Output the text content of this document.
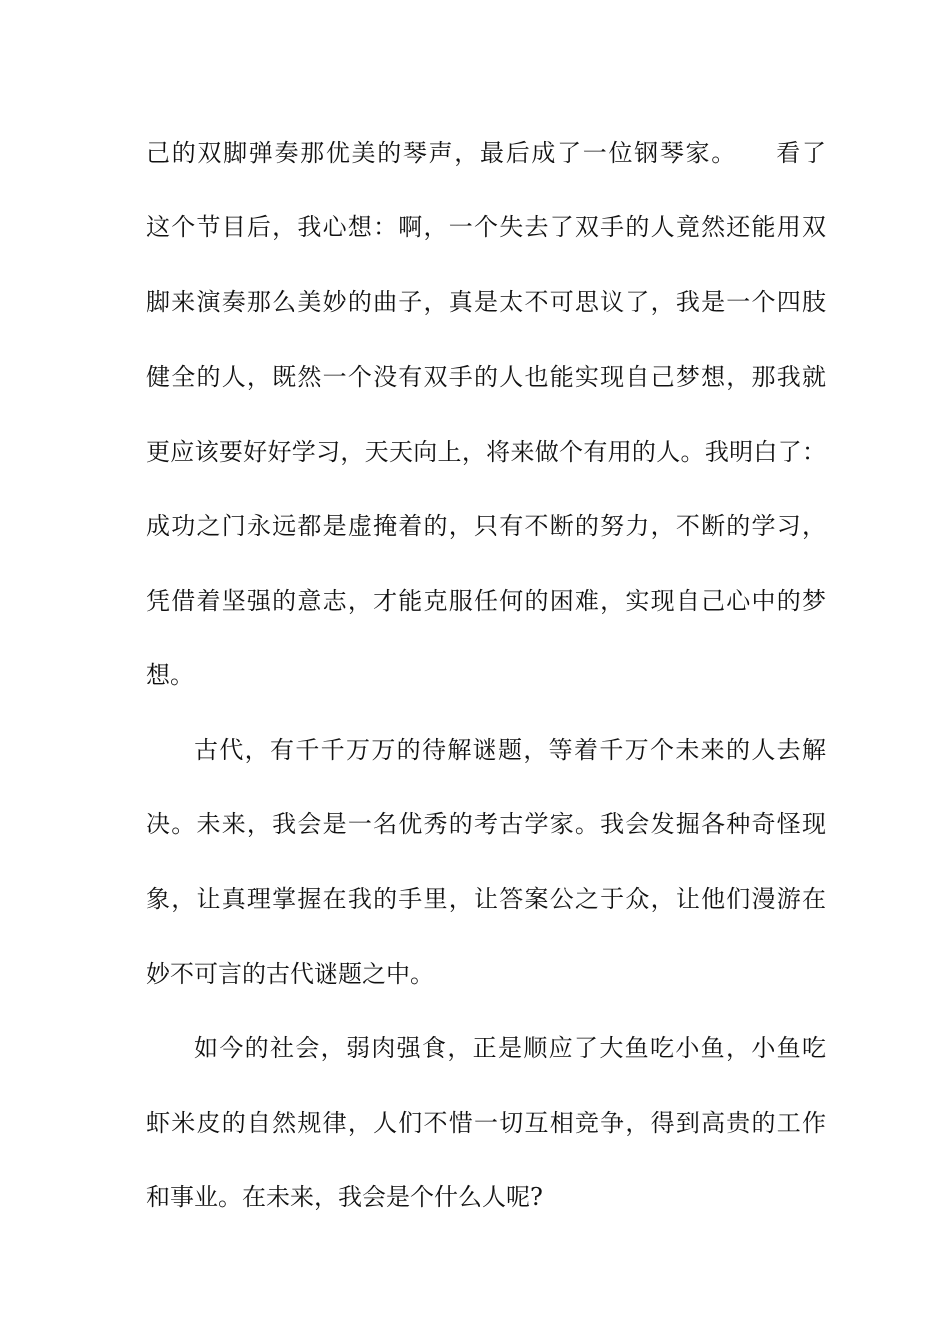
己的双脚弹奏那优美的琴声，最后成了一位钢琴家。　　看了
这个节目后，我心想：啊，一个失去了双手的人竟然还能用双
脚来演奏那么美妙的曲子，真是太不可思议了，我是一个四肢
健全的人，既然一个没有双手的人也能实现自己梦想，那我就
更应该要好好学习，天天向上，将来做个有用的人。我明白了：
成功之门永远都是虚掩着的，只有不断的努力，不断的学习，
凭借着坚强的意志，才能克服任何的困难，实现自己心中的梦
想。
古代，有千千万万的待解谜题，等着千万个未来的人去解
决。未来，我会是一名优秀的考古学家。我会发掘各种奇怪现
象，让真理掌握在我的手里，让答案公之于众，让他们漫游在
妙不可言的古代谜题之中。
如今的社会，弱肉强食，正是顺应了大鱼吃小鱼，小鱼吃
虾米皮的自然规律，人们不惜一切互相竞争，得到高贵的工作
和事业。在未来，我会是个什么人呢?
